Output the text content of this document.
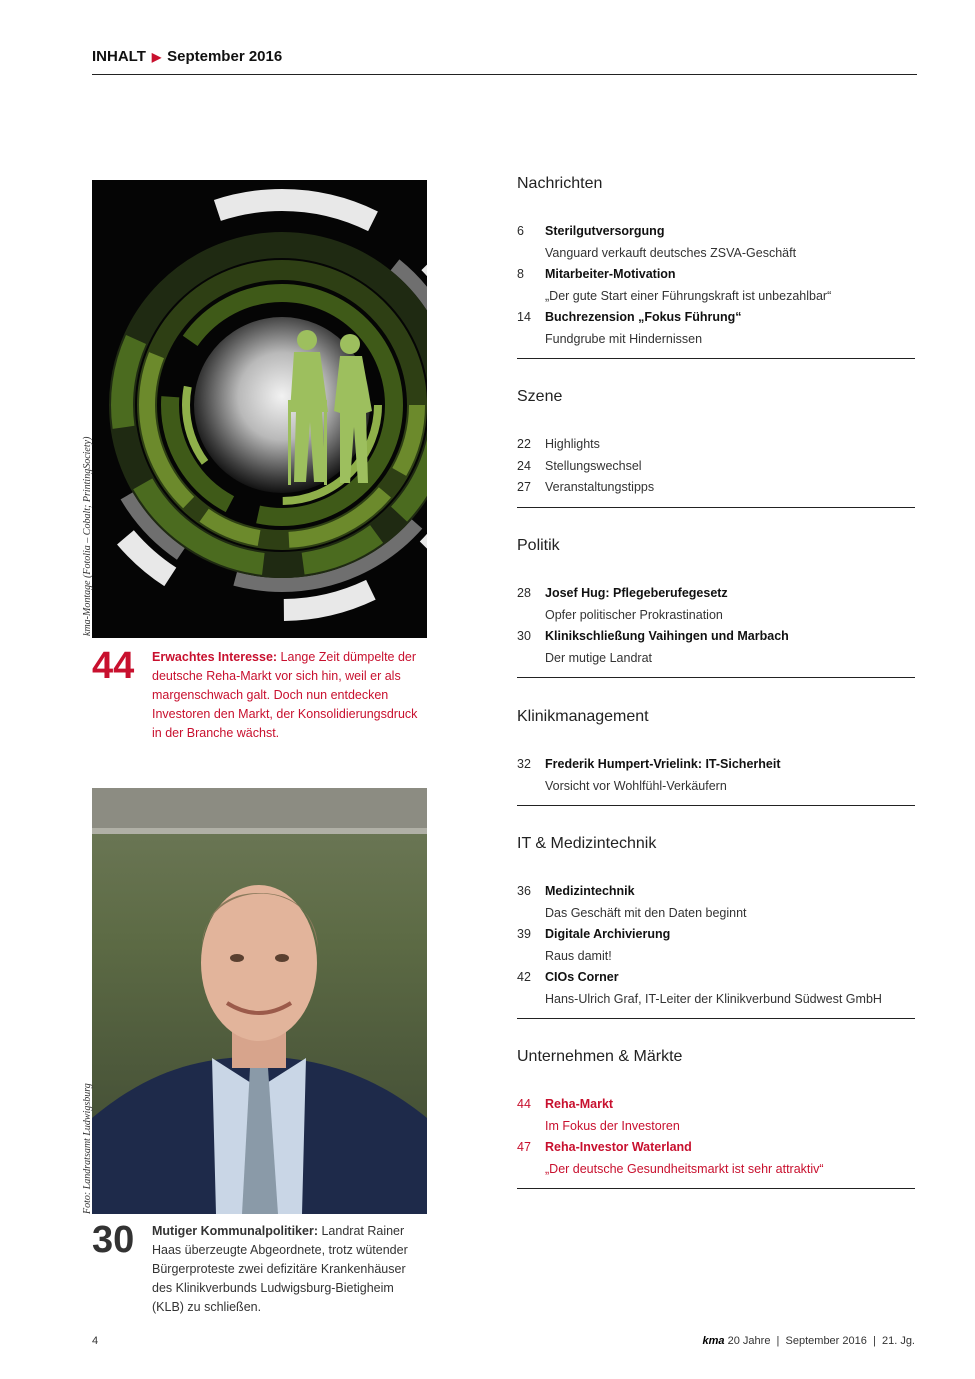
INHALT ▶ September 2016
kma-Montage (Fotolia – Cobalt; PrintingSociety)
44	Erwachtes Interesse: Lange Zeit dümpelte der deutsche Reha-Markt vor sich hin, weil er als margenschwach galt. Doch nun entdecken Investoren den Markt, der Konsolidierungsdruck in der Branche wächst.
Foto: Landratsamt Ludwigsburg
30	Mutiger Kommunalpolitiker: Landrat Rainer Haas überzeugte Abgeordnete, trotz wütender Bürgerproteste zwei defizitäre Krankenhäuser des Klinikverbunds Ludwigsburg-Bietigheim (KLB) zu schließen.
Nachrichten
6	Sterilgutversorgung
Vanguard verkauft deutsches ZSVA-Geschäft
8	Mitarbeiter-Motivation
„Der gute Start einer Führungskraft ist unbezahlbar“
14	Buchrezension „Fokus Führung“
Fundgrube mit Hindernissen
Szene
22	Highlights
24	Stellungswechsel
27	Veranstaltungstipps
Politik
28	Josef Hug: Pflegeberufegesetz
Opfer politischer Prokrastination
30	Klinikschließung Vaihingen und Marbach
Der mutige Landrat
Klinikmanagement
32	Frederik Humpert-Vrielink: IT-Sicherheit
Vorsicht vor Wohlfühl-Verkäufern
IT & Medizintechnik
36	Medizintechnik
Das Geschäft mit den Daten beginnt
39	Digitale Archivierung
Raus damit!
42	CIOs Corner
Hans-Ulrich Graf, IT-Leiter der Klinikverbund Südwest GmbH
Unternehmen & Märkte
44	Reha-Markt
Im Fokus der Investoren
47	Reha-Investor Waterland
„Der deutsche Gesundheitsmarkt ist sehr attraktiv“
4	kma 20 Jahre  |  September 2016  |  21. Jg.
